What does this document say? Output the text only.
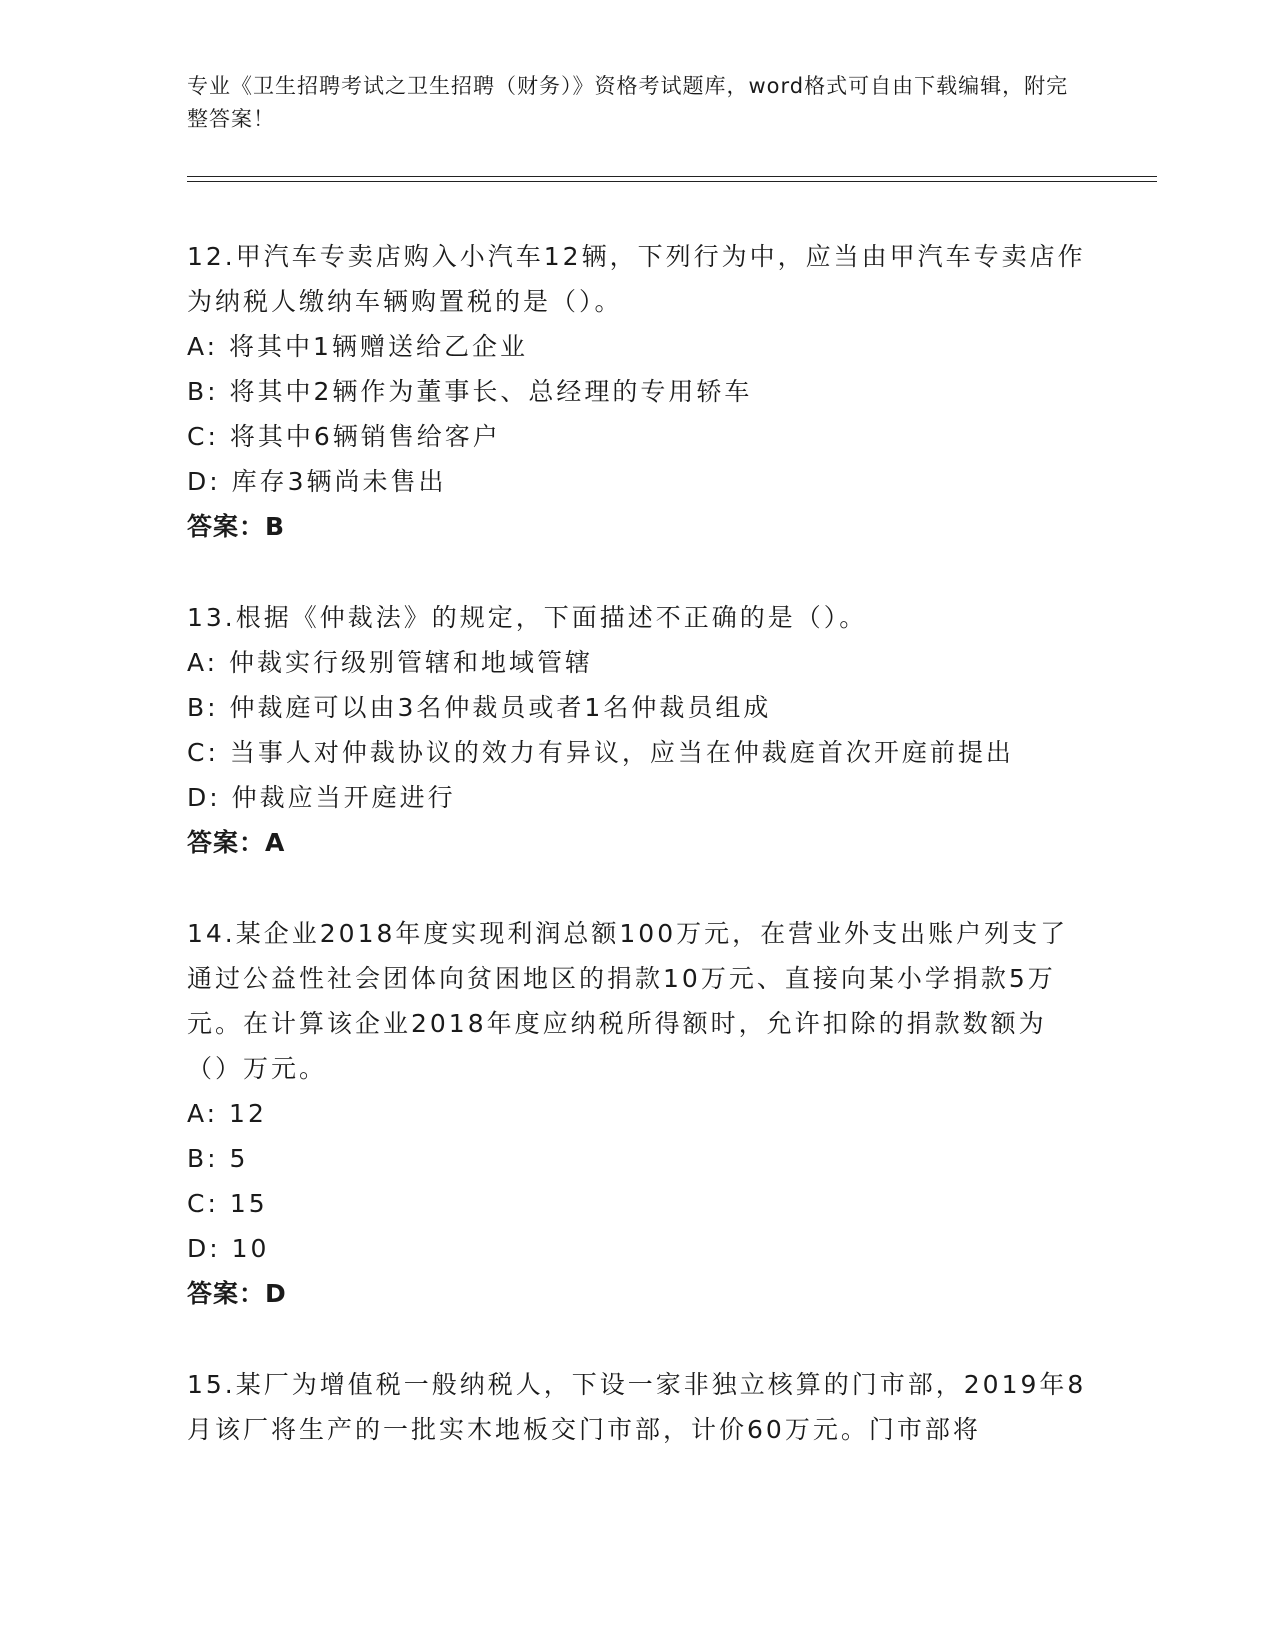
专业《卫生招聘考试之卫生招聘（财务）》资格考试题库，word格式可自由下载编辑，附完整答案！
12.甲汽车专卖店购入小汽车12辆，下列行为中，应当由甲汽车专卖店作为纳税人缴纳车辆购置税的是（）。
A: 将其中1辆赠送给乙企业
B: 将其中2辆作为董事长、总经理的专用轿车
C: 将其中6辆销售给客户
D: 库存3辆尚未售出
答案：B
13.根据《仲裁法》的规定，下面描述不正确的是（）。
A: 仲裁实行级别管辖和地域管辖
B: 仲裁庭可以由3名仲裁员或者1名仲裁员组成
C: 当事人对仲裁协议的效力有异议，应当在仲裁庭首次开庭前提出
D: 仲裁应当开庭进行
答案：A
14.某企业2018年度实现利润总额100万元，在营业外支出账户列支了通过公益性社会团体向贫困地区的捐款10万元、直接向某小学捐款5万元。在计算该企业2018年度应纳税所得额时，允许扣除的捐款数额为（）万元。
A: 12
B: 5
C: 15
D: 10
答案：D
15.某厂为增值税一般纳税人，下设一家非独立核算的门市部，2019年8月该厂将生产的一批实木地板交门市部，计价60万元。门市部将
